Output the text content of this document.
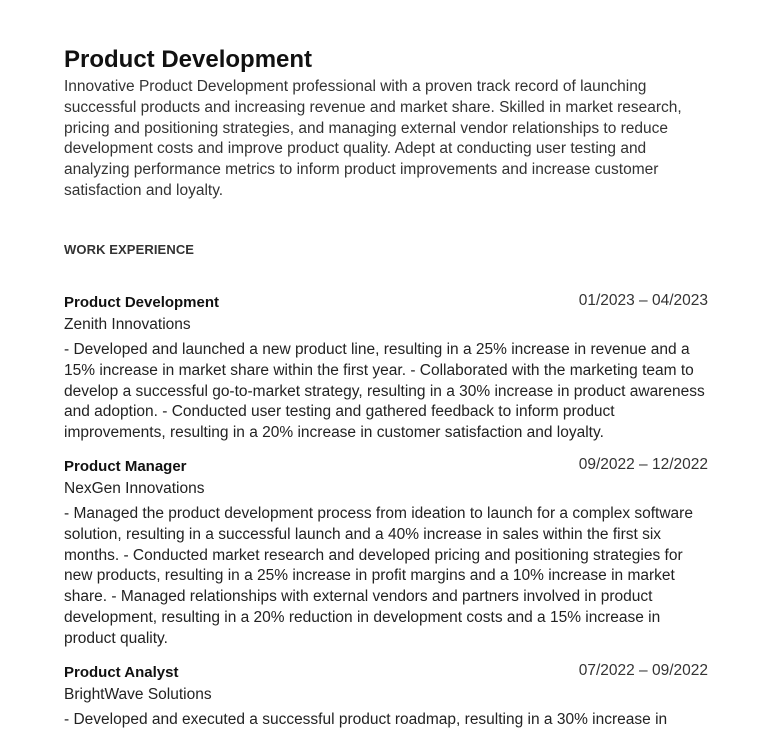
Product Development

Innovative Product Development professional with a proven track record of launching successful products and increasing revenue and market share. Skilled in market research, pricing and positioning strategies, and managing external vendor relationships to reduce development costs and improve product quality. Adept at conducting user testing and analyzing performance metrics to inform product improvements and increase customer satisfaction and loyalty.

WORK EXPERIENCE
Product Development	01/2023 – 04/2023
Zenith Innovations
- Developed and launched a new product line, resulting in a 25% increase in revenue and a 15% increase in market share within the first year. - Collaborated with the marketing team to develop a successful go-to-market strategy, resulting in a 30% increase in product awareness and adoption. - Conducted user testing and gathered feedback to inform product improvements, resulting in a 20% increase in customer satisfaction and loyalty.
Product Manager	09/2022 – 12/2022
NexGen Innovations
- Managed the product development process from ideation to launch for a complex software solution, resulting in a successful launch and a 40% increase in sales within the first six months. - Conducted market research and developed pricing and positioning strategies for new products, resulting in a 25% increase in profit margins and a 10% increase in market share. - Managed relationships with external vendors and partners involved in product development, resulting in a 20% reduction in development costs and a 15% increase in product quality.
Product Analyst	07/2022 – 09/2022
BrightWave Solutions
- Developed and executed a successful product roadmap, resulting in a 30% increase in
